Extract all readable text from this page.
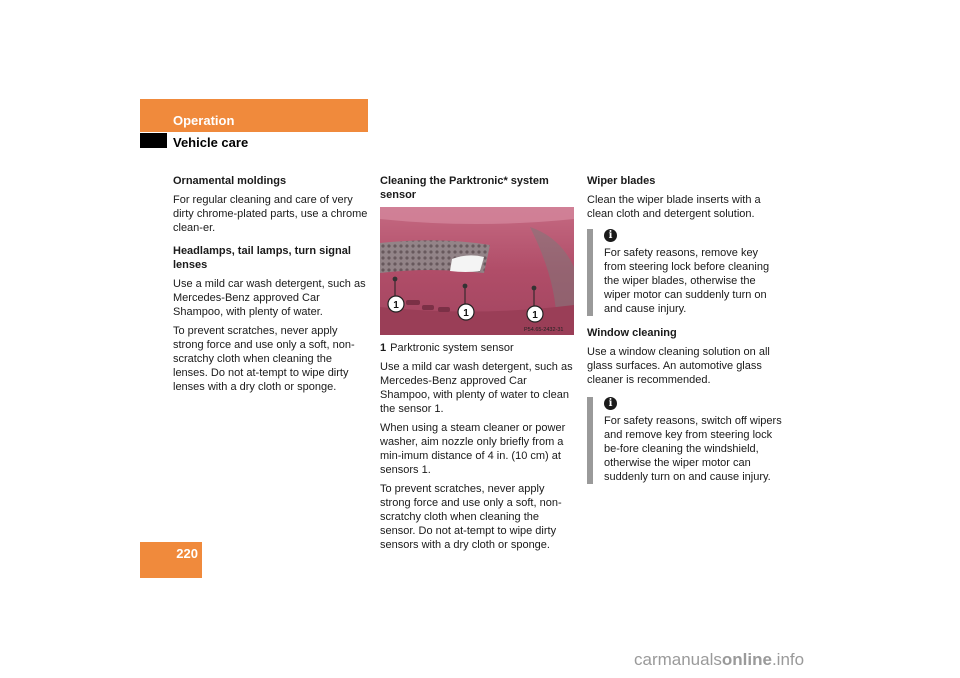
Operation
Vehicle care
220
Ornamental moldings

For regular cleaning and care of very dirty chrome-plated parts, use a chrome clean-er.

Headlamps, tail lamps, turn signal lenses

Use a mild car wash detergent, such as Mercedes-Benz approved Car Shampoo, with plenty of water.

To prevent scratches, never apply strong force and use only a soft, non-scratchy cloth when cleaning the lenses. Do not at-tempt to wipe dirty lenses with a dry cloth or sponge.

Cleaning the Parktronic* system sensor
1
1	1
P54.65-2432-31

1 Parktronic system sensor

Use a mild car wash detergent, such as Mercedes-Benz approved Car Shampoo, with plenty of water to clean the sensor 1.

When using a steam cleaner or power washer, aim nozzle only briefly from a min-imum distance of 4 in. (10 cm) at sensors 1.

To prevent scratches, never apply strong force and use only a soft, non-scratchy cloth when cleaning the sensor. Do not at-tempt to wipe dirty sensors with a dry cloth or sponge.

Wiper blades

Clean the wiper blade inserts with a clean cloth and detergent solution.

i

For safety reasons, remove key from steering lock before cleaning the wiper blades, otherwise the wiper motor can suddenly turn on and cause injury.

Window cleaning

Use a window cleaning solution on all glass surfaces. An automotive glass cleaner is recommended.

i

For safety reasons, switch off wipers and remove key from steering lock be-fore cleaning the windshield, otherwise the wiper motor can suddenly turn on and cause injury.

carmanualsonline.info
